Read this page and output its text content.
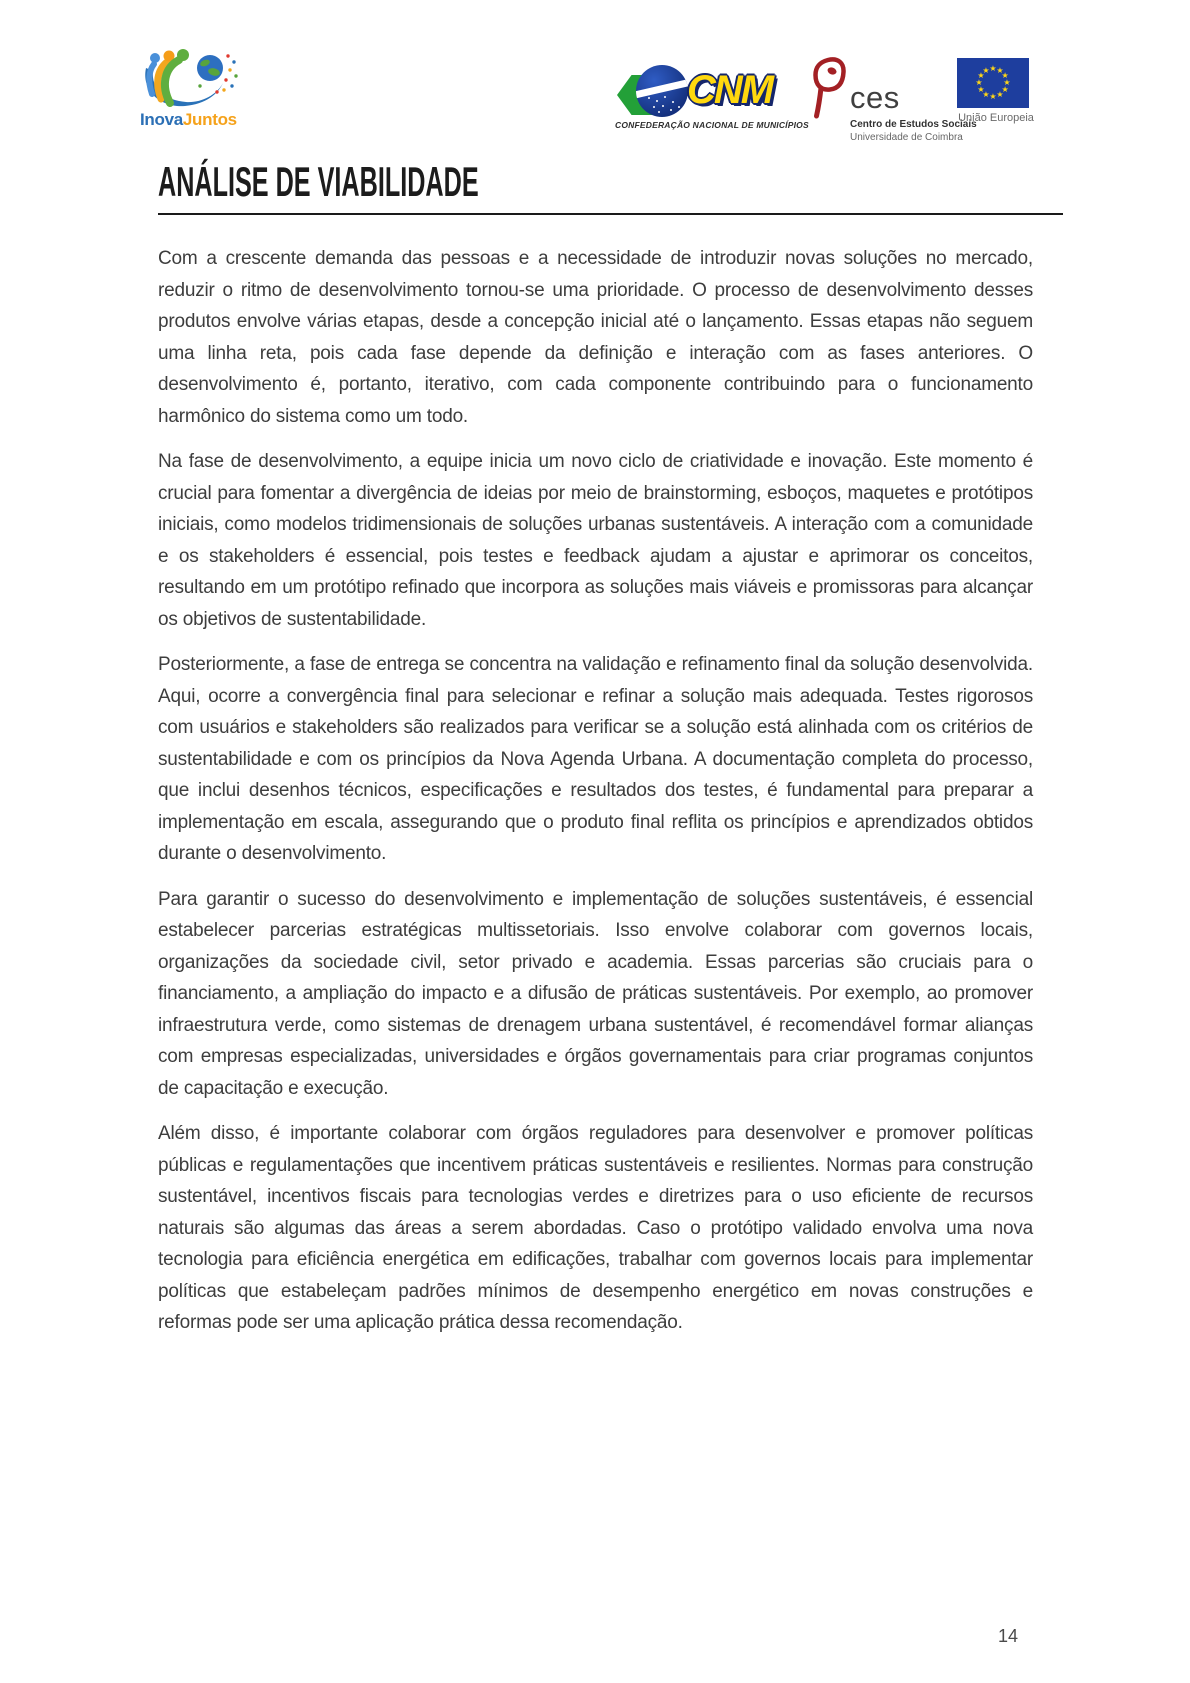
InovaJuntos
CNM
CONFEDERAÇÃO NACIONAL DE MUNICÍPIOS
ces
Centro de Estudos Sociais
Universidade de Coimbra
★ ★
★
★
★
★
★
★
★
★
★
★
União Europeia
ANÁLISE DE VIABILIDADE

Com a crescente demanda das pessoas e a necessidade de introduzir novas soluções no mercado, reduzir o ritmo de desenvolvimento tornou-se uma prioridade. O processo de desenvolvimento desses produtos envolve várias etapas, desde a concepção inicial até o lançamento. Essas etapas não seguem uma linha reta, pois cada fase depende da definição e interação com as fases anteriores. O desenvolvimento é, portanto, iterativo, com cada componente contribuindo para o funcionamento harmônico do sistema como um todo.

Na fase de desenvolvimento, a equipe inicia um novo ciclo de criatividade e inovação. Este momento é crucial para fomentar a divergência de ideias por meio de brainstorming, esboços, maquetes e protótipos iniciais, como modelos tridimensionais de soluções urbanas sustentáveis. A interação com a comunidade e os stakeholders é essencial, pois testes e feedback ajudam a ajustar e aprimorar os conceitos, resultando em um protótipo refinado que incorpora as soluções mais viáveis e promissoras para alcançar os objetivos de sustentabilidade.

Posteriormente, a fase de entrega se concentra na validação e refinamento final da solução desenvolvida. Aqui, ocorre a convergência final para selecionar e refinar a solução mais adequada. Testes rigorosos com usuários e stakeholders são realizados para verificar se a solução está alinhada com os critérios de sustentabilidade e com os princípios da Nova Agenda Urbana. A documentação completa do processo, que inclui desenhos técnicos, especificações e resultados dos testes, é fundamental para preparar a implementação em escala, assegurando que o produto final reflita os princípios e aprendizados obtidos durante o desenvolvimento.

Para garantir o sucesso do desenvolvimento e implementação de soluções sustentáveis, é essencial estabelecer parcerias estratégicas multissetoriais. Isso envolve colaborar com governos locais, organizações da sociedade civil, setor privado e academia. Essas parcerias são cruciais para o financiamento, a ampliação do impacto e a difusão de práticas sustentáveis. Por exemplo, ao promover infraestrutura verde, como sistemas de drenagem urbana sustentável, é recomendável formar alianças com empresas especializadas, universidades e órgãos governamentais para criar programas conjuntos de capacitação e execução.

Além disso, é importante colaborar com órgãos reguladores para desenvolver e promover políticas públicas e regulamentações que incentivem práticas sustentáveis e resilientes. Normas para construção sustentável, incentivos fiscais para tecnologias verdes e diretrizes para o uso eficiente de recursos naturais são algumas das áreas a serem abordadas. Caso o protótipo validado envolva uma nova tecnologia para eficiência energética em edificações, trabalhar com governos locais para implementar políticas que estabeleçam padrões mínimos de desempenho energético em novas construções e reformas pode ser uma aplicação prática dessa recomendação.

14
